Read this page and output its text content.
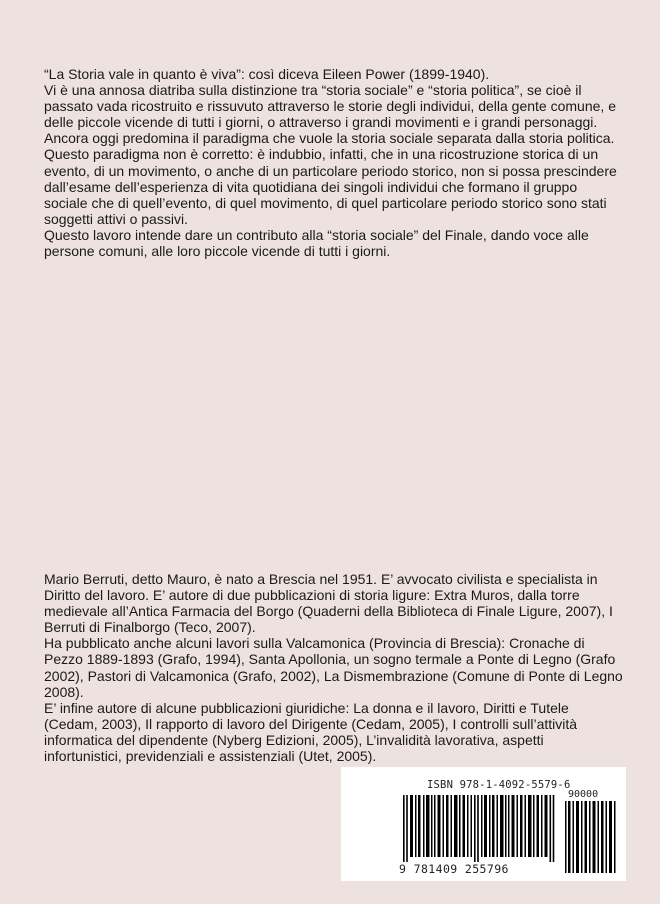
“La Storia vale in quanto è viva”: così diceva Eileen Power (1899-1940).

Vi è una annosa diatriba sulla distinzione tra “storia sociale” e “storia politica”, se cioè il passato vada ricostruito e rissuvuto attraverso le storie degli individui, della gente comune, e delle piccole vicende di tutti i giorni, o attraverso i grandi movimenti e i grandi personaggi. Ancora oggi predomina il paradigma che vuole la storia sociale separata dalla storia politica. Questo paradigma non è corretto: è indubbio, infatti, che in una ricostruzione storica di un evento, di un movimento, o anche di un particolare periodo storico, non si possa prescindere dall’esame dell’esperienza di vita quotidiana dei singoli individui che formano il gruppo sociale che di quell’evento, di quel movimento, di quel particolare periodo storico sono stati soggetti attivi o passivi.

Questo lavoro intende dare un contributo alla “storia sociale” del Finale, dando voce alle persone comuni, alle loro piccole vicende di tutti i giorni.

Mario Berruti, detto Mauro, è nato a Brescia nel 1951. E’ avvocato civilista e specialista in Diritto del lavoro. E’ autore di due pubblicazioni di storia ligure: Extra Muros, dalla torre medievale all’Antica Farmacia del Borgo (Quaderni della Biblioteca di Finale Ligure, 2007), I Berruti di Finalborgo (Teco, 2007).

Ha pubblicato anche alcuni lavori sulla Valcamonica (Provincia di Brescia): Cronache di Pezzo 1889-1893 (Grafo, 1994), Santa Apollonia, un sogno termale a Ponte di Legno (Grafo 2002), Pastori di Valcamonica (Grafo, 2002), La Dismembrazione (Comune di Ponte di Legno 2008).

E’ infine autore di alcune pubblicazioni giuridiche: La donna e il lavoro, Diritti e Tutele (Cedam, 2003), Il rapporto di lavoro del Dirigente (Cedam, 2005), I controlli sull’attività informatica del dipendente (Nyberg Edizioni, 2005), L’invalidità lavorativa, aspetti infortunistici, previdenziali e assistenziali (Utet, 2005).

ISBN 978-1-4092-5579-6
90000
9 781409 255796
